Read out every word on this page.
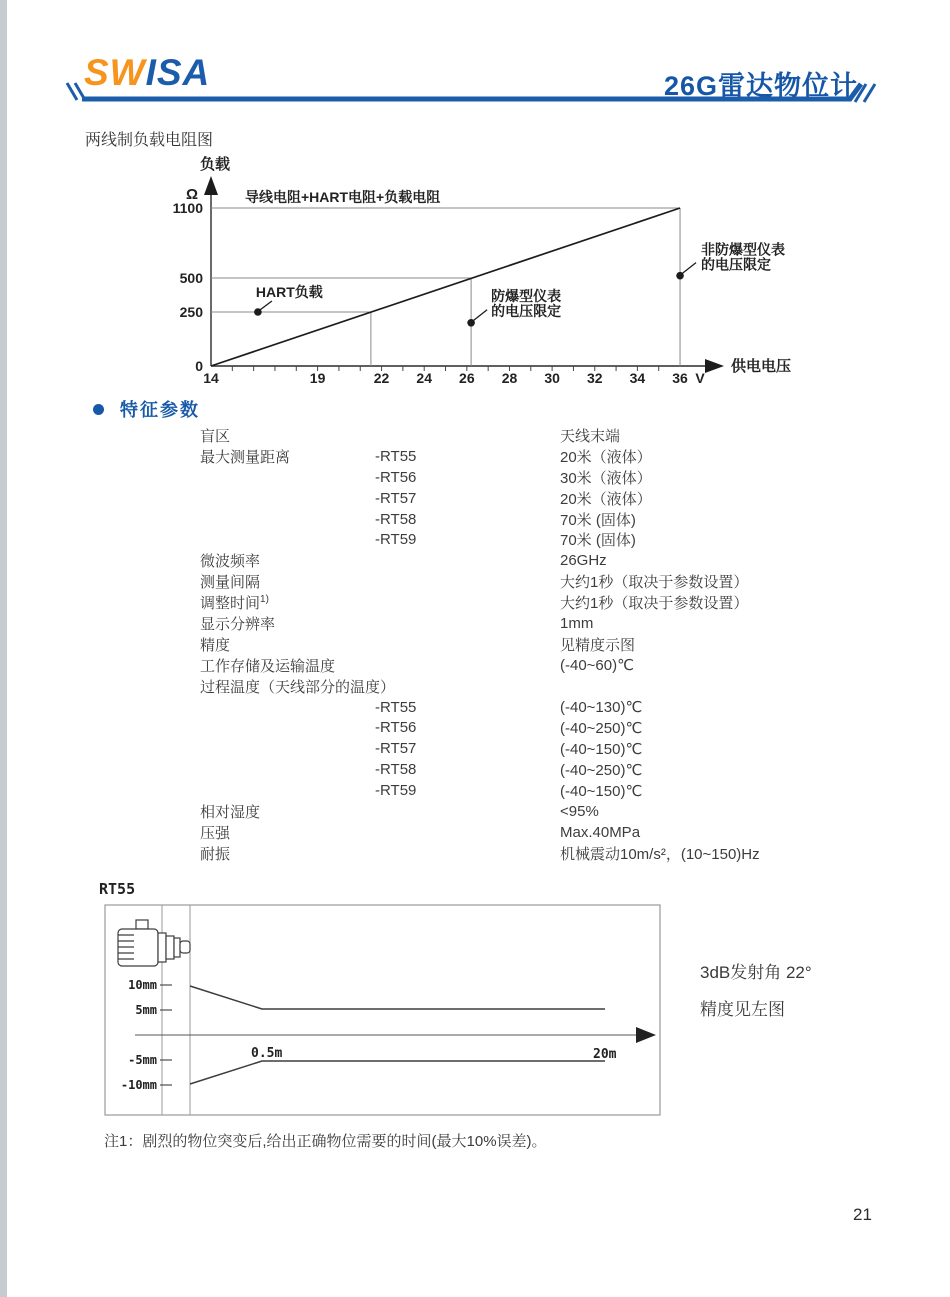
SWISA	26G雷达物位计
两线制负载电阻图
负载
Ω
供电电压
导线电阻+HART电阻+负载电阻
14	19	22 24 26 28 30 32 34 36 V
0
250
500
1100
HART负载	防爆型仪表
的电压限定
非防爆型仪表
的电压限定
特征参数
盲区	天线末端
最大测量距离	-RT55	20米（液体）
-RT56	30米（液体）
-RT57	20米（液体）
-RT58	70米 (固体)
-RT59	70米 (固体)
微波频率	26GHz
测量间隔	大约1秒（取决于参数设置）
调整时间$^{1)}$	大约1秒（取决于参数设置）
显示分辨率	1mm
精度	见精度示图
工作存储及运输温度	(-40~60)℃
过程温度（天线部分的温度）
-RT55	(-40~130)℃
-RT56	(-40~250)℃
-RT57	(-40~150)℃
-RT58	(-40~250)℃
-RT59	(-40~150)℃
相对湿度	<95%
压强	Max.40MPa
耐振	机械震动10m/s²，(10~150)Hz
RT55
10mm
5mm
-5mm
-10mm
0.5m	20m
3dB发射角 22°
精度见左图
注1：剧烈的物位突变后,给出正确物位需要的时间(最大10%误差)。
21
